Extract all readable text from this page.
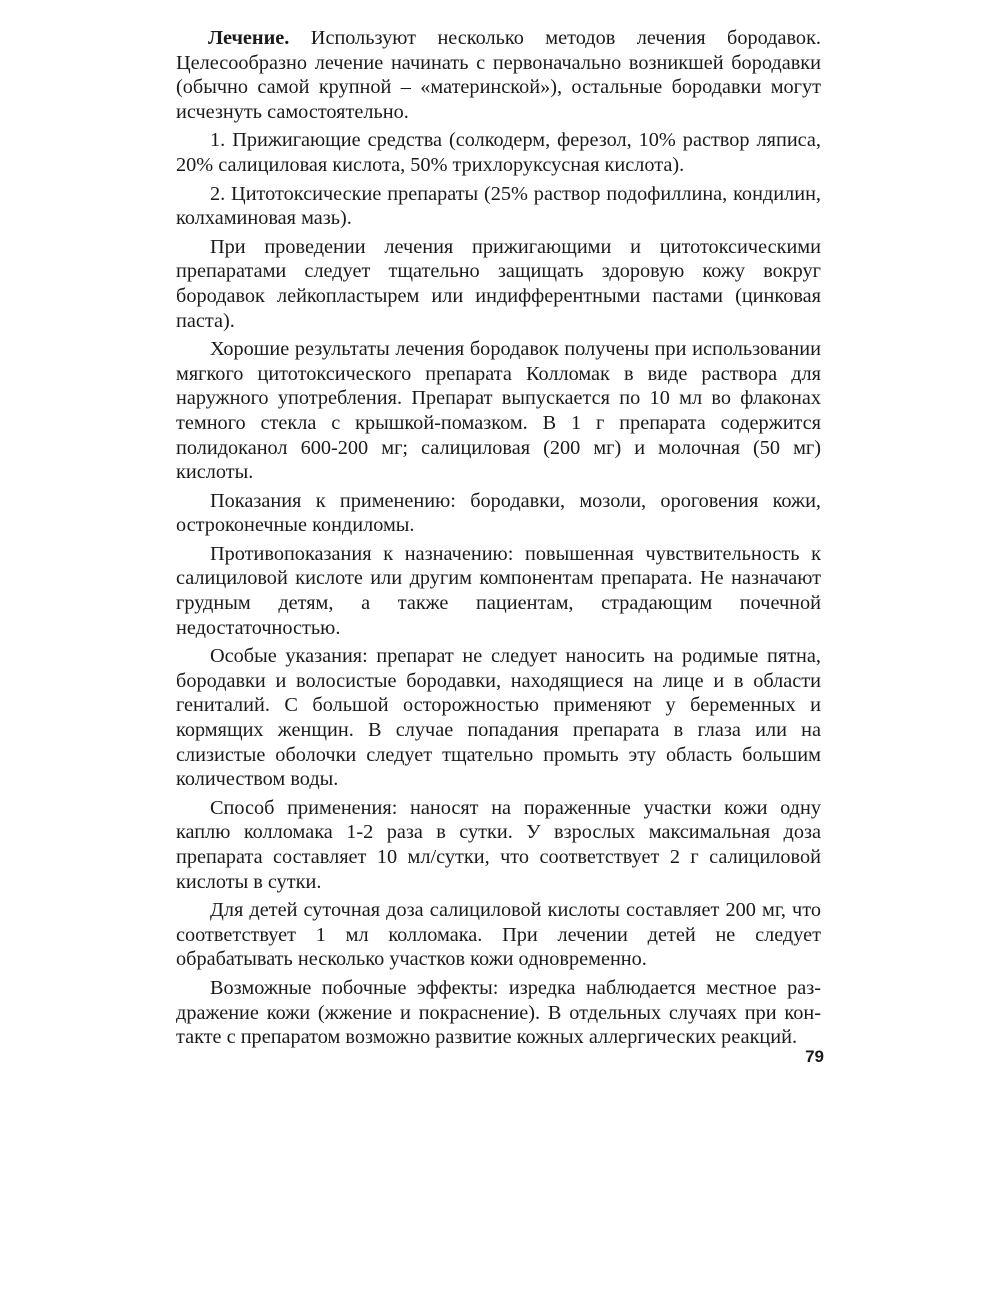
Лечение. Используют несколько методов лечения бородавок. Целесообразно лечение начинать с первоначально возникшей бородавки (обычно самой крупной – «материнской»), остальные бородавки могут исчезнуть самостоятельно.

1. Прижигающие средства (солкодерм, ферезол, 10% раствор ляписа, 20% салициловая кислота, 50% трихлоруксусная кислота).

2. Цитотоксические препараты (25% раствор подофиллина, кондилин, колхаминовая мазь).

При проведении лечения прижигающими и цитотоксическими препаратами следует тщательно защищать здоровую кожу вокруг бородавок лейкопластырем или индифферентными пастами (цинковая паста).

Хорошие результаты лечения бородавок получены при использовании мягкого цитотоксического препарата Колломак в виде раствора для наружного употребления. Препарат выпускается по 10 мл во флаконах темного стекла с крышкой-помазком. В 1 г препарата содержится полидоканол 600-200 мг; салициловая (200 мг) и молочная (50 мг) кислоты.

Показания к применению: бородавки, мозоли, ороговения кожи, остроконечные кондиломы.

Противопоказания к назначению: повышенная чувствительность к салициловой кислоте или другим компонентам препарата. Не назначают грудным детям, а также пациентам, страдающим почечной недостаточностью.

Особые указания: препарат не следует наносить на родимые пятна, бородавки и волосистые бородавки, находящиеся на лице и в области гениталий. С большой осторожностью применяют у беременных и кормящих женщин. В случае попадания препарата в глаза или на слизистые оболочки следует тщательно промыть эту область большим количеством воды.

Способ применения: наносят на пораженные участки кожи одну каплю колломака 1-2 раза в сутки. У взрослых максимальная доза препарата составляет 10 мл/сутки, что соответствует 2 г салициловой кислоты в сутки.

Для детей суточная доза салициловой кислоты составляет 200 мг, что соответствует 1 мл колломака. При лечении детей не следует обрабатывать несколько участков кожи одновременно.

Возможные побочные эффекты: изредка наблюдается местное раздражение кожи (жжение и покраснение). В отдельных случаях при контакте с препаратом возможно развитие кожных аллергических реакций.

79
